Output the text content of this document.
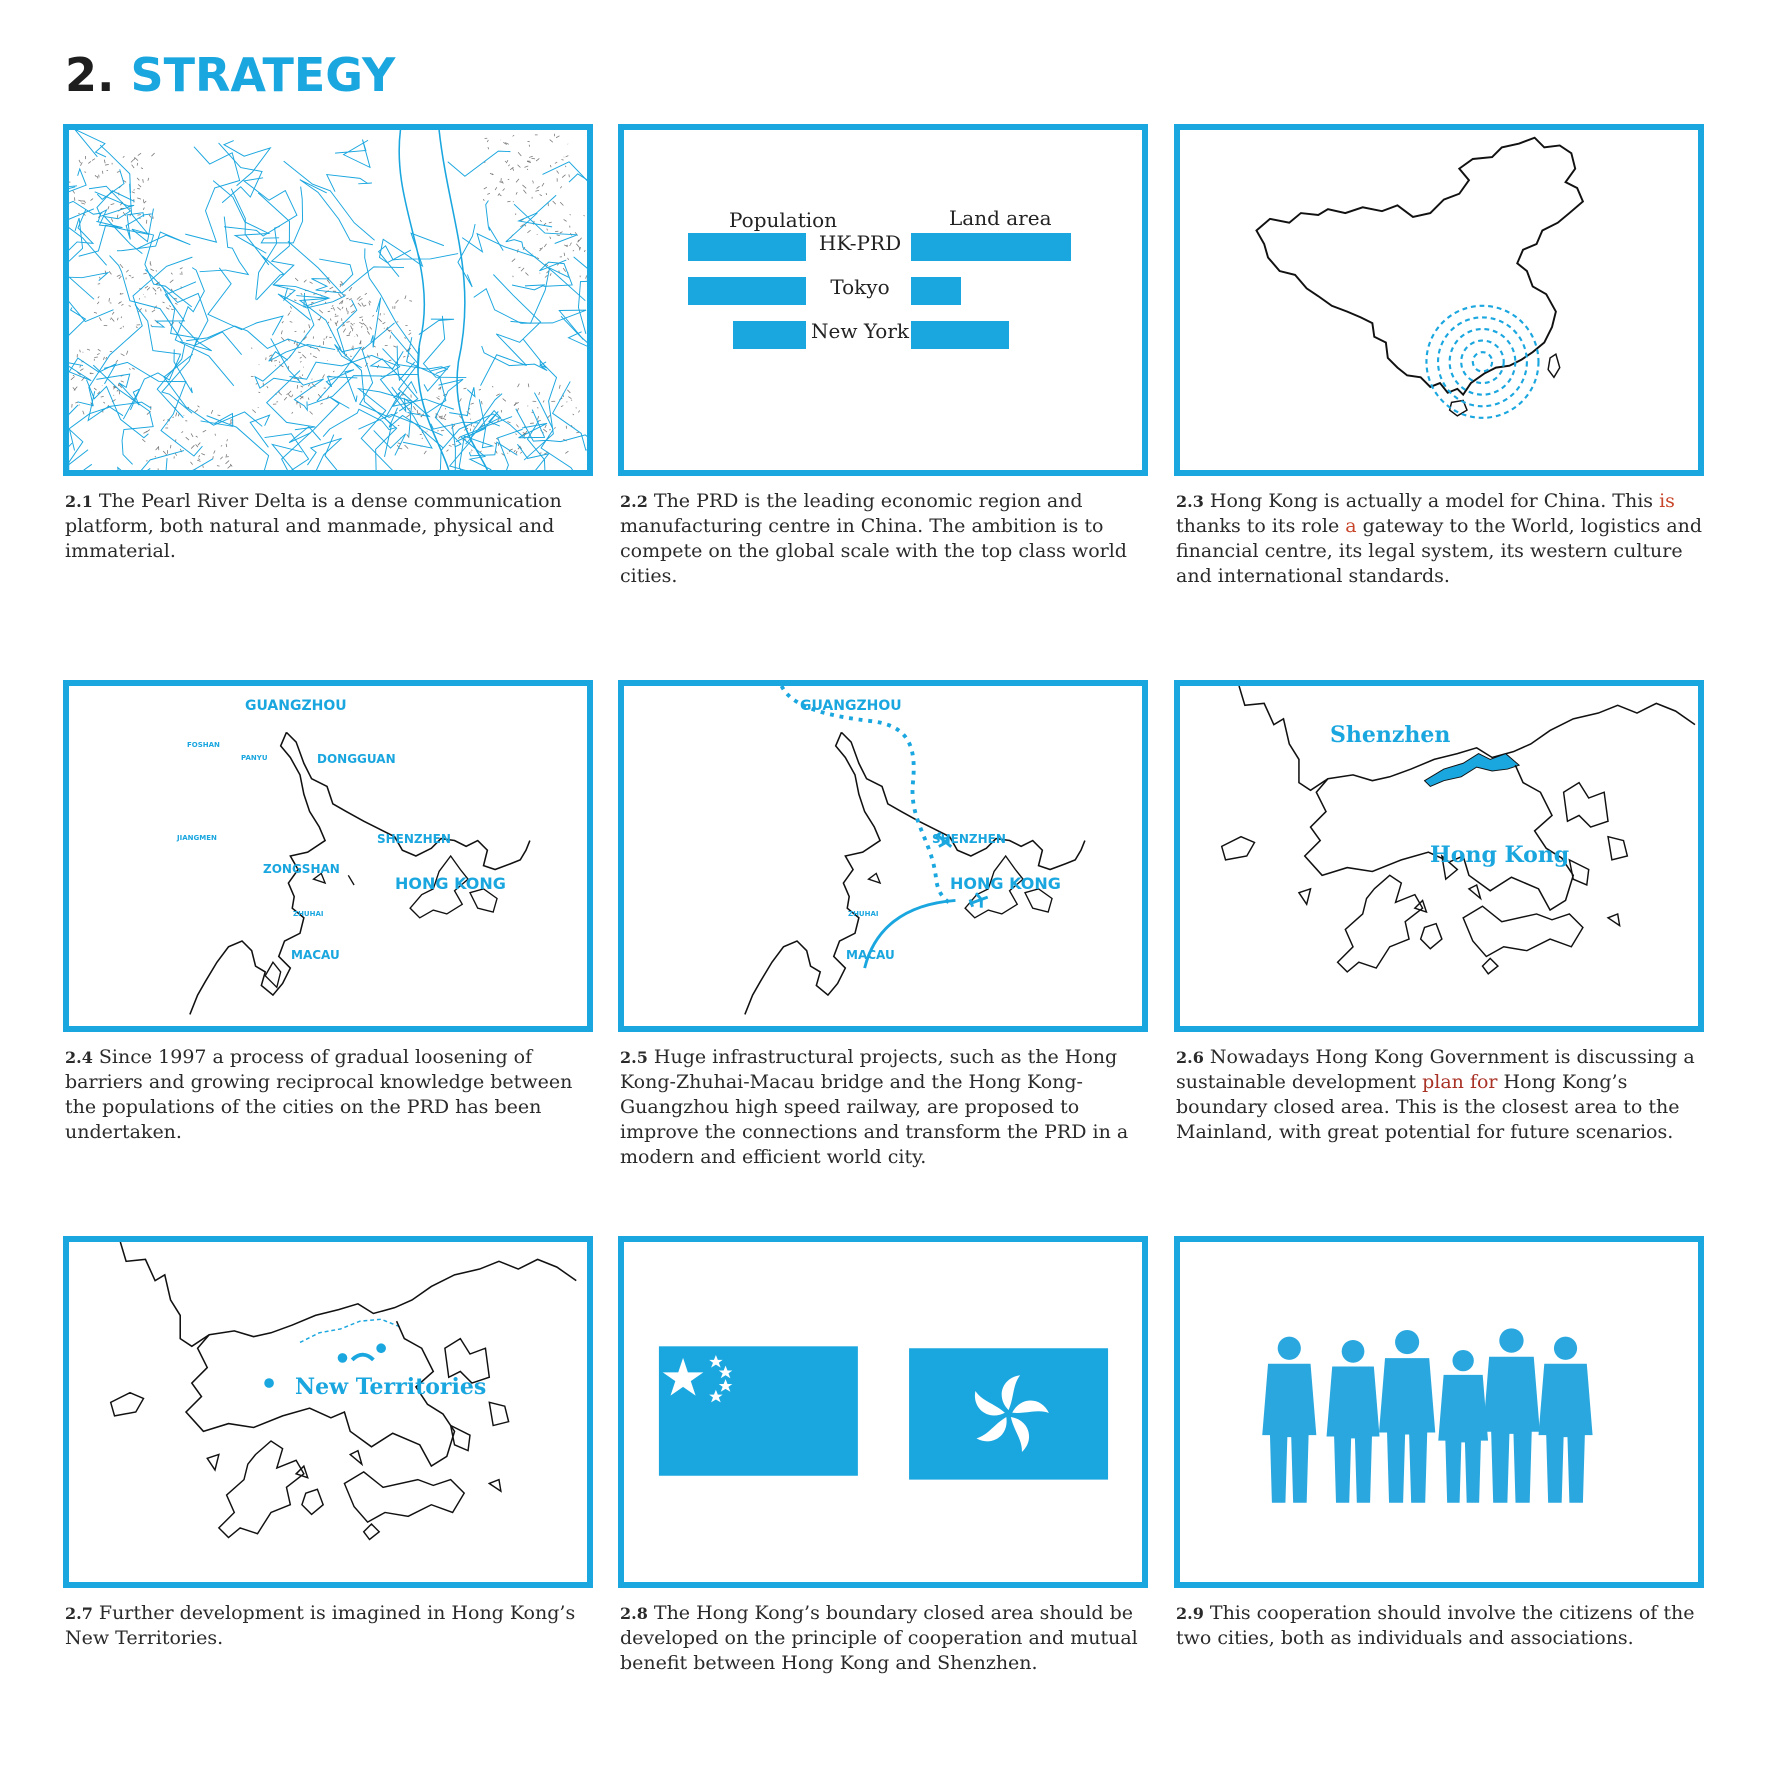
2. STRATEGY
2.1 The Pearl River Delta is a dense communication platform, both natural and manmade, physical and immaterial.
Population	Land area
HK-PRD
Tokyo
New York
2.2 The PRD is the leading economic region and manufacturing centre in China. The ambition is to compete on the global scale with the top class world cities.
2.3 Hong Kong is actually a model for China. This is thanks to its role a gateway to the World, logistics and financial centre, its legal system, its western culture and international standards.
GUANGZHOU
FOSHAN
PANYU	DONGGUAN
JIANGMEN	SHENZHEN
ZONGSHAN
HONG KONG
ZHUHAI
MACAU
2.4 Since 1997 a process of gradual loosening of barriers and growing reciprocal knowledge between the populations of the cities on the PRD has been undertaken.
GUANGZHOU
SHENZHEN
HONG KONG
ZHUHAI
MACAU
2.5 Huge infrastructural projects, such as the Hong Kong-Zhuhai-Macau bridge and the Hong Kong-Guangzhou high speed railway, are proposed to improve the connections and transform the PRD in a modern and efficient world city.
Shenzhen
Hong Kong
2.6 Nowadays Hong Kong Government is discussing a sustainable development plan for Hong Kong’s boundary closed area. This is the closest area to the Mainland, with great potential for future scenarios.
New Territories
2.7 Further development is imagined in Hong Kong’s New Territories.
2.8 The Hong Kong’s boundary closed area should be developed on the principle of cooperation and mutual benefit between Hong Kong and Shenzhen.
2.9 This cooperation should involve the citizens of the two cities, both as individuals and associations.
